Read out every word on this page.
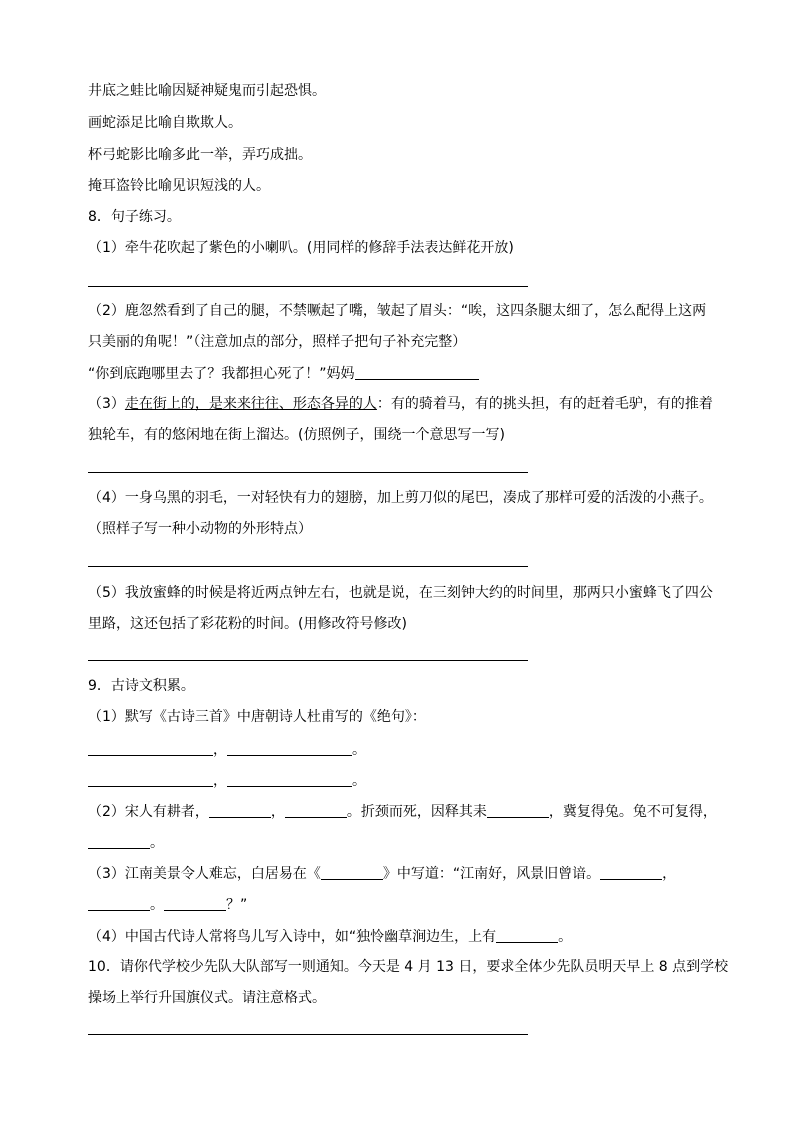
井底之蛙比喻因疑神疑鬼而引起恐惧。
画蛇添足比喻自欺欺人。
杯弓蛇影比喻多此一举，弄巧成拙。
掩耳盗铃比喻见识短浅的人。
8．句子练习。
（1）牵牛花吹起了紫色的小喇叭。(用同样的修辞手法表达鲜花开放)
（2）鹿忽然看到了自己的腿，不禁噘起了嘴，皱起了眉头：“唉，这四条腿太细了，怎么配得上这两
只美丽的角呢！”（注意加点的部分，照样子把句子补充完整）
“你到底跑哪里去了？我都担心死了！”妈妈
（3）走在街上的，是来来往往、形态各异的人：有的骑着马，有的挑头担，有的赶着毛驴，有的推着
独轮车，有的悠闲地在街上溜达。(仿照例子，围绕一个意思写一写)
（4）一身乌黑的羽毛，一对轻快有力的翅膀，加上剪刀似的尾巴，凑成了那样可爱的活泼的小燕子。
（照样子写一种小动物的外形特点）
（5）我放蜜蜂的时候是将近两点钟左右，也就是说，在三刻钟大约的时间里，那两只小蜜蜂飞了四公
里路，这还包括了彩花粉的时间。(用修改符号修改)
9．古诗文积累。
（1）默写《古诗三首》中唐朝诗人杜甫写的《绝句》：
，	。
，	。
（2）宋人有耕者，	，	。折颈而死，因释其耒	，冀复得兔。兔不可复得，
。
（3）江南美景令人难忘，白居易在《	》中写道：“江南好，风景旧曾谙。	，
。	？”
（4）中国古代诗人常将鸟儿写入诗中，如“独怜幽草涧边生，上有	。
10．请你代学校少先队大队部写一则通知。今天是 4 月 13 日，要求全体少先队员明天早上 8 点到学校
操场上举行升国旗仪式。请注意格式。
